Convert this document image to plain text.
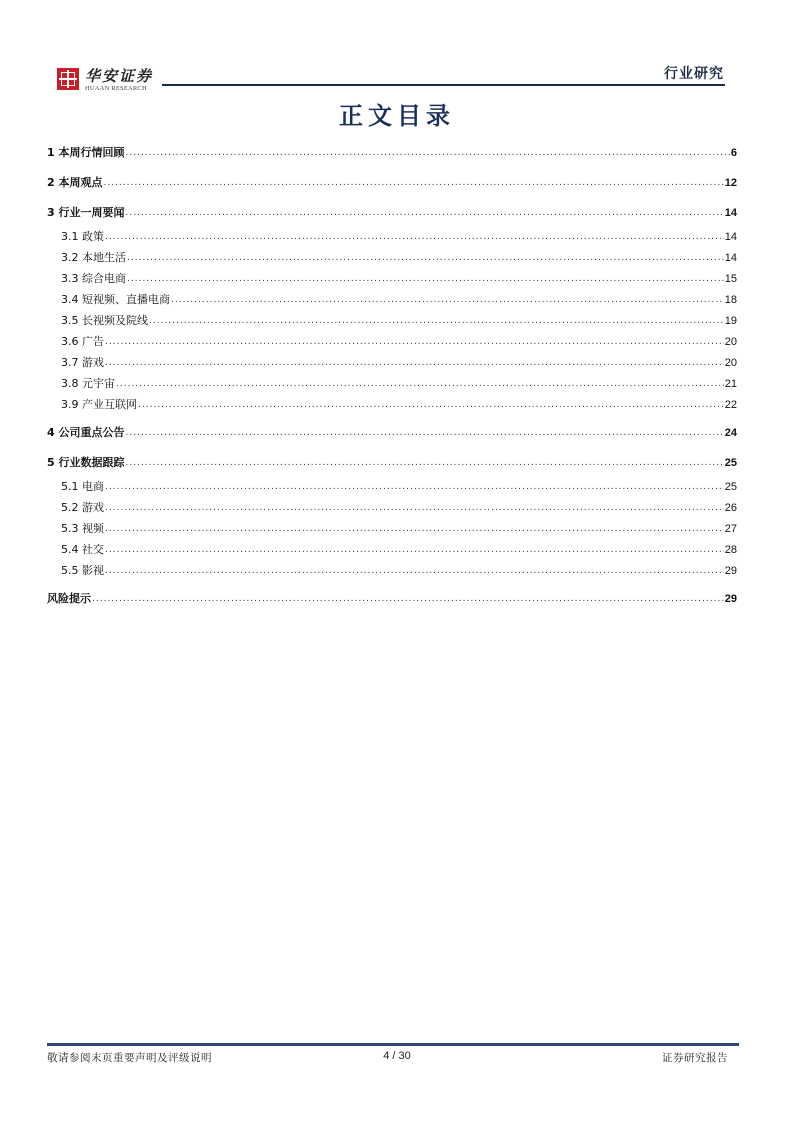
华安证券
HUAAN RESEARCH
行业研究
正文目录
1 本周行情回顾 .....	6
2 本周观点 .....	12
3 行业一周要闻 .....	14
3.1 政策 .....	14
3.2 本地生活 .....	14
3.3 综合电商 .....	15
3.4 短视频、直播电商 .....	18
3.5 长视频及院线 .....	19
3.6 广告 .....	20
3.7 游戏 .....	20
3.8 元宇宙 .....	21
3.9 产业互联网 .....	22
4 公司重点公告 .....	24
5 行业数据跟踪 .....	25
5.1 电商 .....	25
5.2 游戏 .....	26
5.3 视频 .....	27
5.4 社交 .....	28
5.5 影视 .....	29
风险提示 .....	29
敬请参阅末页重要声明及评级说明	4 / 30	证券研究报告
